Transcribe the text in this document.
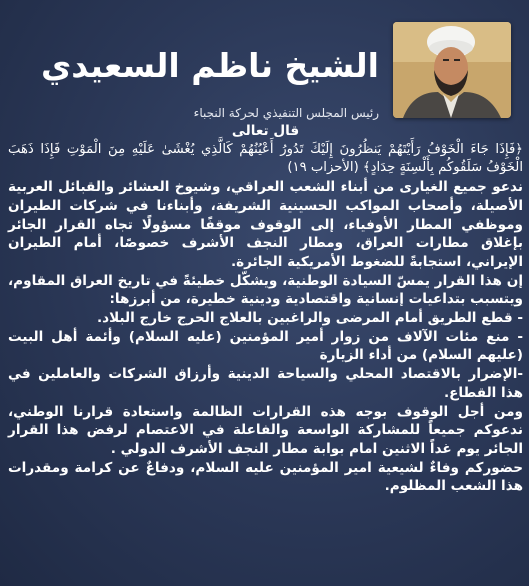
الشيخ ناظم السعيدي
رئيس المجلس التنفيذي لحركة النجباء

قال تعالى

﴿فَإِذَا جَاءَ الْخَوْفُ رَأَيْتَهُمْ يَنظُرُونَ إِلَيْكَ تَدُورُ أَعْيُنُهُمْ كَالَّذِي يُغْشَىٰ عَلَيْهِ مِنَ الْمَوْتِ فَإِذَا ذَهَبَ الْخَوْفُ سَلَقُوكُم بِأَلْسِنَةٍ حِدَادٍ﴾ (الأحزاب ١٩)

ندعو جميع الغيارى من أبناء الشعب العراقي، وشيوخ العشائر والقبائل العربية الأصيلة، وأصحاب المواكب الحسينية الشريفة، وأبناءنا في شركات الطيران وموظفي المطار الأوفياء، إلى الوقوف موقفًا مسؤولًا تجاه القرار الجائر بإغلاق مطارات العراق، ومطار النجف الأشرف خصوصًا، أمام الطيران الإيراني، استجابةً للضغوط الأمريكية الجائرة.

إن هذا القرار يمسّ السيادة الوطنية، ويشكّل خطيئةً في تاريخ العراق المقاوم، ويتسبب بتداعيات إنسانية واقتصادية ودينية خطيرة، من أبرزها:

- قطع الطريق أمام المرضى والراغبين بالعلاج الحرج خارج البلاد.

- منع مئات الآلاف من زوار أمير المؤمنين (عليه السلام) وأئمة أهل البيت (عليهم السلام) من أداء الزيارة

-الإضرار بالاقتصاد المحلي والسياحة الدينية وأرزاق الشركات والعاملين في هذا القطاع.

ومن أجل الوقوف بوجه هذه القرارات الظالمة واستعادة قرارنا الوطني، ندعوكم جميعاً للمشاركة الواسعة والفاعلة في الاعتصام لرفض هذا القرار الجائر يوم غداً الاثنين امام بوابة مطار النجف الأشرف الدولي .

حضوركم وفاءٌ لشيعية امير المؤمنين عليه السلام، ودفاعٌ عن كرامة ومقدرات هذا الشعب المظلوم.
